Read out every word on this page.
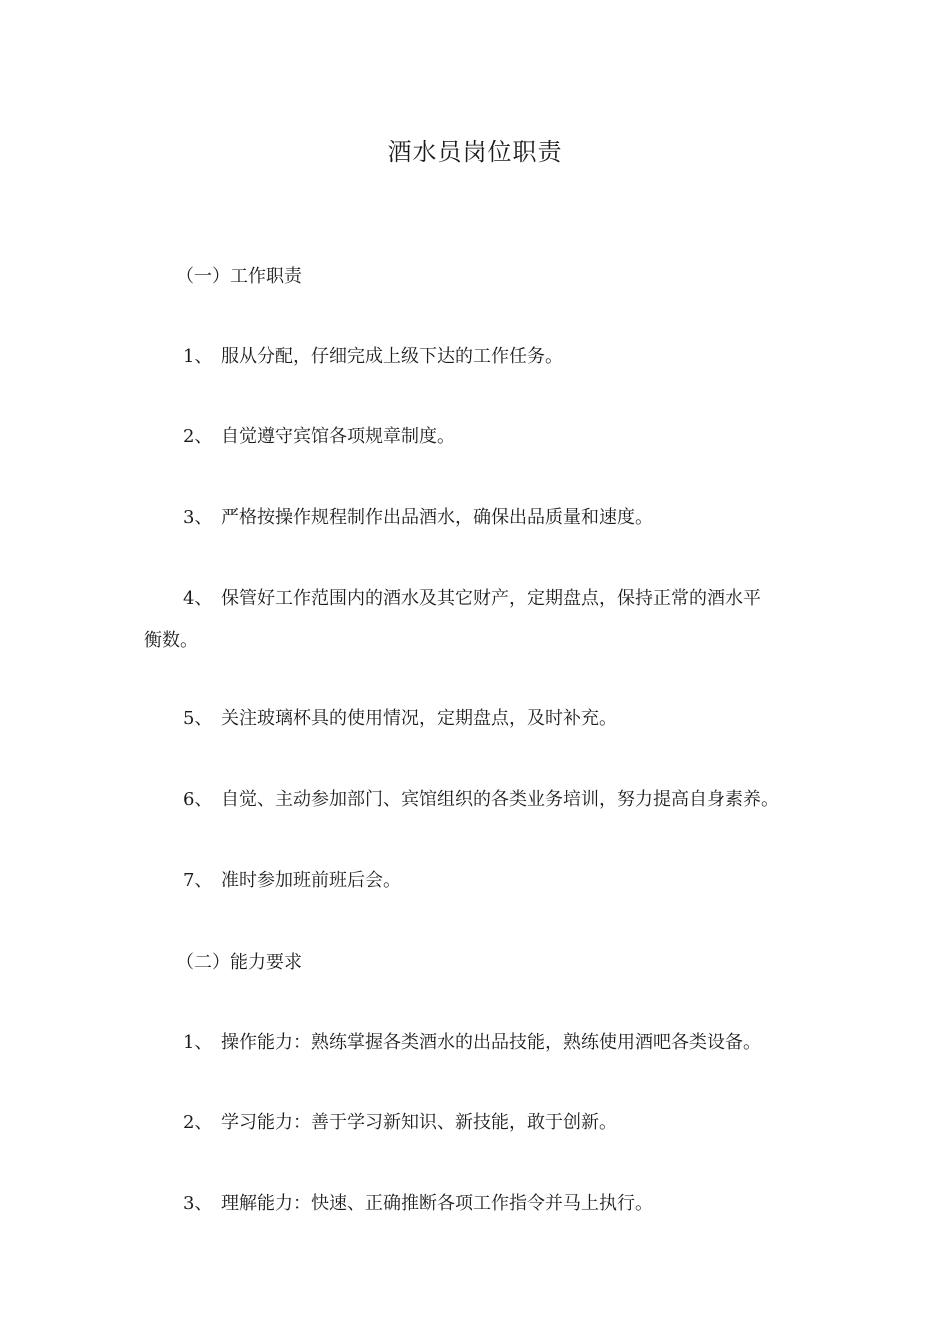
酒水员岗位职责
（一）工作职责
1、 服从分配，仔细完成上级下达的工作任务。
2、 自觉遵守宾馆各项规章制度。
3、 严格按操作规程制作出品酒水，确保出品质量和速度。
4、 保管好工作范围内的酒水及其它财产，定期盘点，保持正常的酒水平
衡数。
5、 关注玻璃杯具的使用情况，定期盘点，及时补充。
6、 自觉、主动参加部门、宾馆组织的各类业务培训，努力提高自身素养。
7、 准时参加班前班后会。
（二）能力要求
1、 操作能力：熟练掌握各类酒水的出品技能，熟练使用酒吧各类设备。
2、 学习能力：善于学习新知识、新技能，敢于创新。
3、 理解能力：快速、正确推断各项工作指令并马上执行。
